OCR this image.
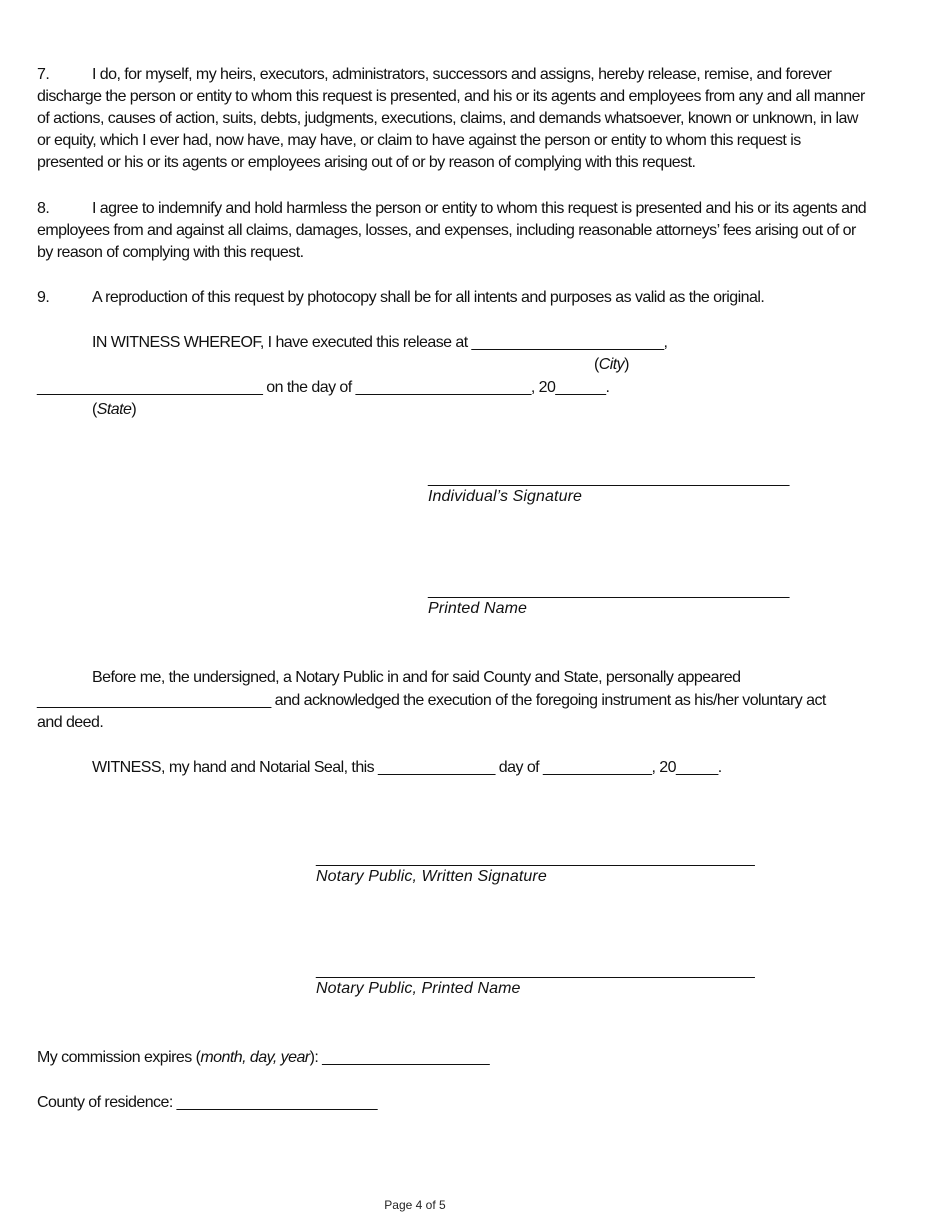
7.	I do, for myself, my heirs, executors, administrators, successors and assigns, hereby release, remise, and forever
discharge the person or entity to whom this request is presented, and his or its agents and employees from any and all manner
of actions, causes of action, suits, debts, judgments, executions, claims, and demands whatsoever, known or unknown, in law
or equity, which I ever had, now have, may have, or claim to have against the person or entity to whom this request is
presented or his or its agents or employees arising out of or by reason of complying with this request.
8.	I agree to indemnify and hold harmless the person or entity to whom this request is presented and his or its agents and
employees from and against all claims, damages, losses, and expenses, including reasonable attorneys’ fees arising out of or
by reason of complying with this request.
9.	A reproduction of this request by photocopy shall be for all intents and purposes as valid as the original.
IN WITNESS WHEREOF, I have executed this release at _______________________,
(City)
___________________________ on the day of _____________________, 20______.
(State)
__________________________________________
Individual’s Signature
__________________________________________
Printed Name
Before me, the undersigned, a Notary Public in and for said County and State, personally appeared
____________________________ and acknowledged the execution of the foregoing instrument as his/her voluntary act
and deed.
WITNESS, my hand and Notarial Seal, this ______________ day of _____________, 20_____.
___________________________________________________
Notary Public, Written Signature
___________________________________________________
Notary Public, Printed Name
My commission expires (month, day, year): ____________________
County of residence: ________________________
Page 4 of 5
